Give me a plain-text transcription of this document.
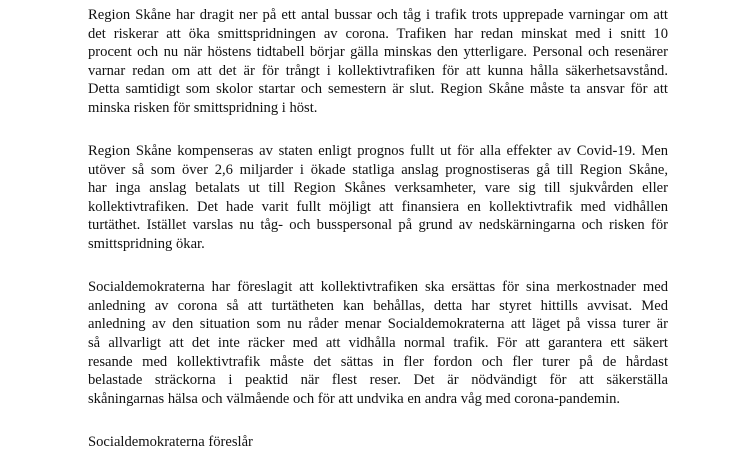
Region Skåne har dragit ner på ett antal bussar och tåg i trafik trots upprepade varningar om att
det riskerar att öka smittspridningen av corona. Trafiken har redan minskat med i snitt 10
procent och nu när höstens tidtabell börjar gälla minskas den ytterligare. Personal och resenärer
varnar redan om att det är för trångt i kollektivtrafiken för att kunna hålla säkerhetsavstånd.
Detta samtidigt som skolor startar och semestern är slut. Region Skåne måste ta ansvar för att
minska risken för smittspridning i höst.
Region Skåne kompenseras av staten enligt prognos fullt ut för alla effekter av Covid-19. Men
utöver så som över 2,6 miljarder i ökade statliga anslag prognostiseras gå till Region Skåne,
har inga anslag betalats ut till Region Skånes verksamheter, vare sig till sjukvården eller
kollektivtrafiken. Det hade varit fullt möjligt att finansiera en kollektivtrafik med vidhållen
turtäthet. Istället varslas nu tåg- och busspersonal på grund av nedskärningarna och risken för
smittspridning ökar.
Socialdemokraterna har föreslagit att kollektivtrafiken ska ersättas för sina merkostnader med
anledning av corona så att turtätheten kan behållas, detta har styret hittills avvisat. Med
anledning av den situation som nu råder menar Socialdemokraterna att läget på vissa turer är
så allvarligt att det inte räcker med att vidhålla normal trafik. För att garantera ett säkert
resande med kollektivtrafik måste det sättas in fler fordon och fler turer på de hårdast
belastade sträckorna i peaktid när flest reser. Det är nödvändigt för att säkerställa
skåningarnas hälsa och välmående och för att undvika en andra våg med corona-pandemin.
Socialdemokraterna föreslår
